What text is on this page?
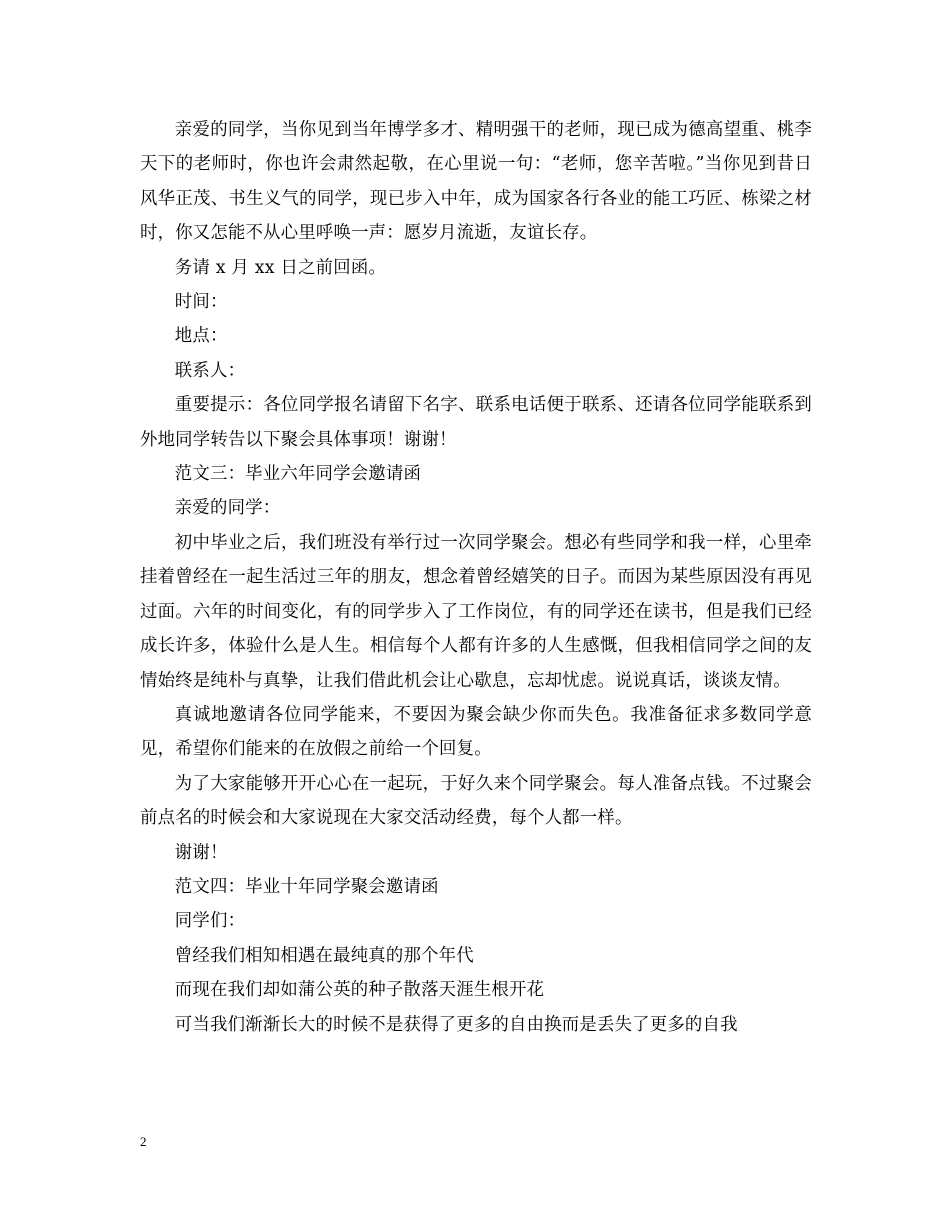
亲爱的同学，当你见到当年博学多才、精明强干的老师，现已成为德高望重、桃李天下的老师时，你也许会肃然起敬，在心里说一句：“老师，您辛苦啦。”当你见到昔日风华正茂、书生义气的同学，现已步入中年，成为国家各行各业的能工巧匠、栋梁之材时，你又怎能不从心里呼唤一声：愿岁月流逝，友谊长存。

务请 x 月 xx 日之前回函。

时间：

地点：

联系人：

重要提示：各位同学报名请留下名字、联系电话便于联系、还请各位同学能联系到外地同学转告以下聚会具体事项！谢谢！

范文三：毕业六年同学会邀请函

亲爱的同学：

初中毕业之后，我们班没有举行过一次同学聚会。想必有些同学和我一样，心里牵挂着曾经在一起生活过三年的朋友，想念着曾经嬉笑的日子。而因为某些原因没有再见过面。六年的时间变化，有的同学步入了工作岗位，有的同学还在读书，但是我们已经成长许多，体验什么是人生。相信每个人都有许多的人生感慨，但我相信同学之间的友情始终是纯朴与真挚，让我们借此机会让心歇息，忘却忧虑。说说真话，谈谈友情。

真诚地邀请各位同学能来，不要因为聚会缺少你而失色。我准备征求多数同学意见，希望你们能来的在放假之前给一个回复。

为了大家能够开开心心在一起玩，于好久来个同学聚会。每人准备点钱。不过聚会前点名的时候会和大家说现在大家交活动经费，每个人都一样。

谢谢！

范文四：毕业十年同学聚会邀请函

同学们：

曾经我们相知相遇在最纯真的那个年代

而现在我们却如蒲公英的种子散落天涯生根开花

可当我们渐渐长大的时候不是获得了更多的自由换而是丢失了更多的自我

2
